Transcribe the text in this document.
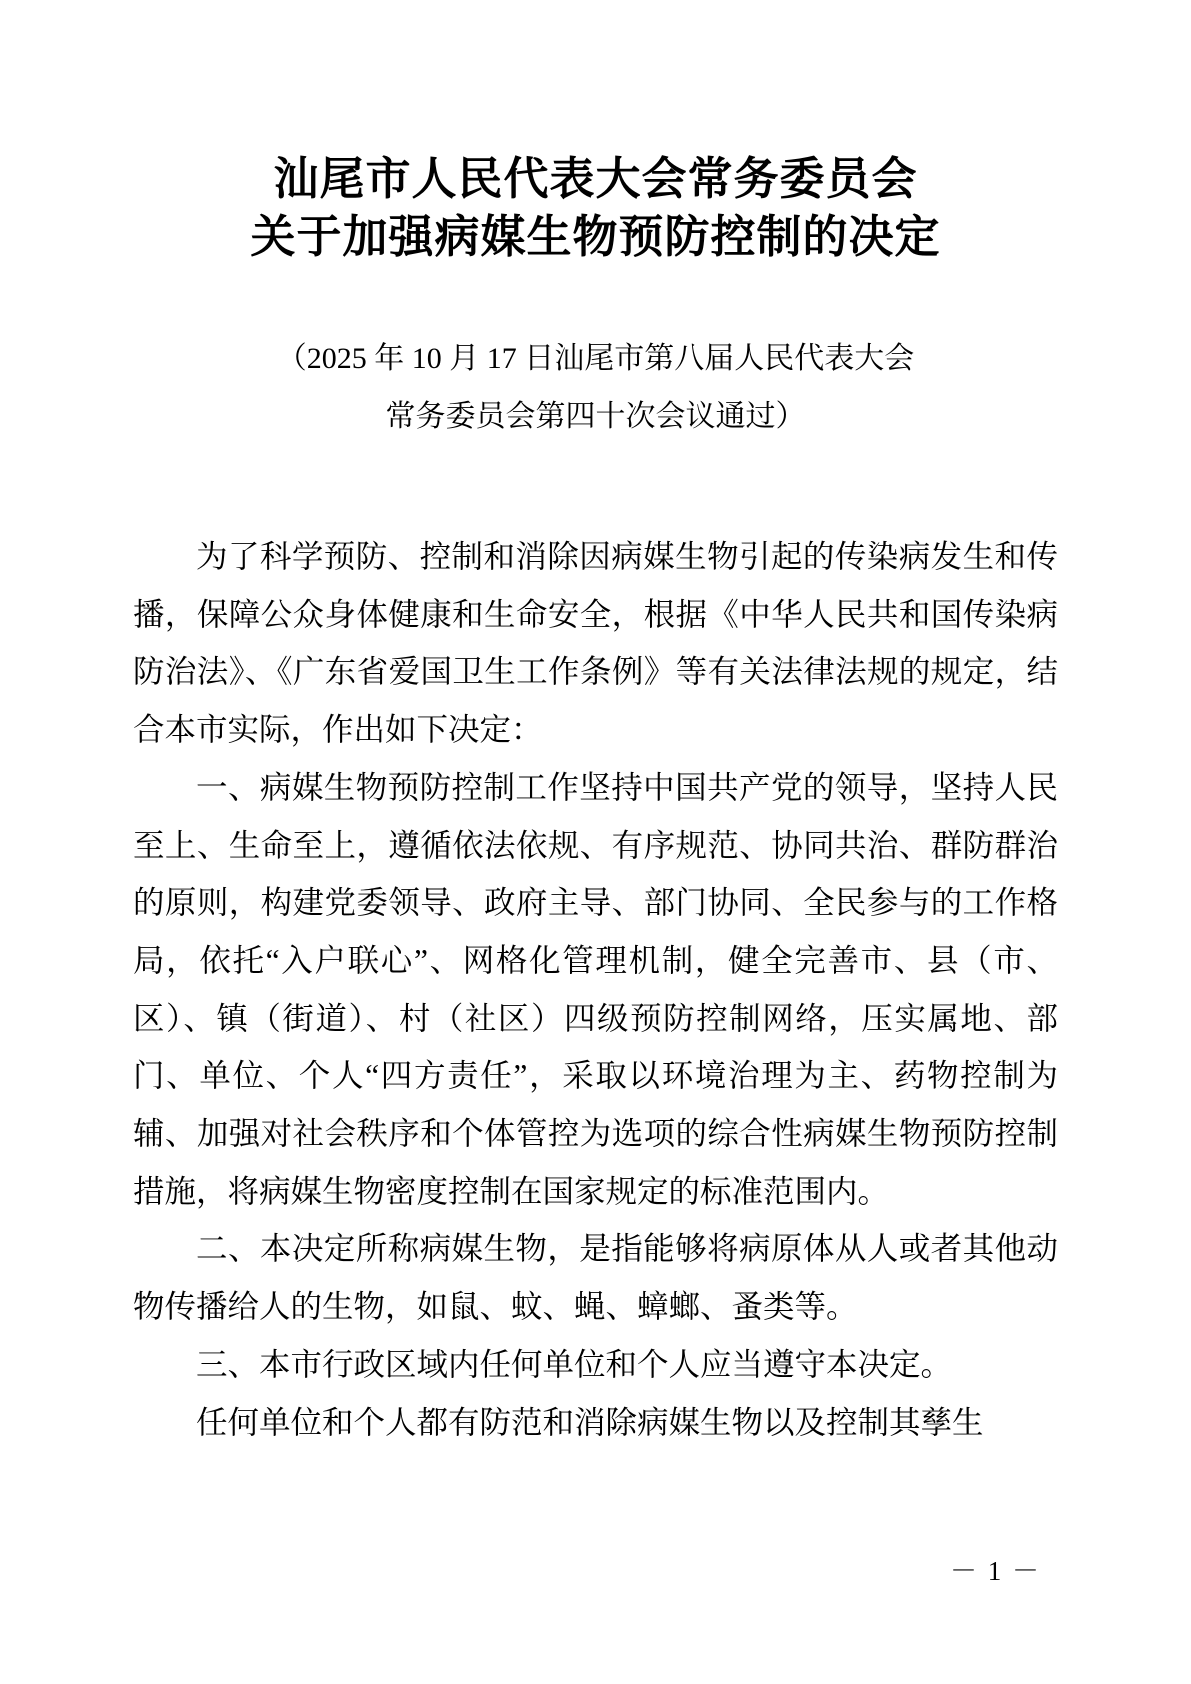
汕尾市人民代表大会常务委员会
关于加强病媒生物预防控制的决定
（2025 年 10 月 17 日汕尾市第八届人民代表大会
常务委员会第四十次会议通过）

为了科学预防、控制和消除因病媒生物引起的传染病发生和传播，保障公众身体健康和生命安全，根据《中华人民共和国传染病防治法》、《广东省爱国卫生工作条例》等有关法律法规的规定，结合本市实际，作出如下决定：

一、病媒生物预防控制工作坚持中国共产党的领导，坚持人民至上、生命至上，遵循依法依规、有序规范、协同共治、群防群治的原则，构建党委领导、政府主导、部门协同、全民参与的工作格局，依托“入户联心”、网格化管理机制，健全完善市、县（市、区）、镇（街道）、村（社区）四级预防控制网络，压实属地、部门、单位、个人“四方责任”，采取以环境治理为主、药物控制为辅、加强对社会秩序和个体管控为选项的综合性病媒生物预防控制措施，将病媒生物密度控制在国家规定的标准范围内。

二、本决定所称病媒生物，是指能够将病原体从人或者其他动物传播给人的生物，如鼠、蚊、蝇、蟑螂、蚤类等。

三、本市行政区域内任何单位和个人应当遵守本决定。

任何单位和个人都有防范和消除病媒生物以及控制其孳生

－ 1 －
